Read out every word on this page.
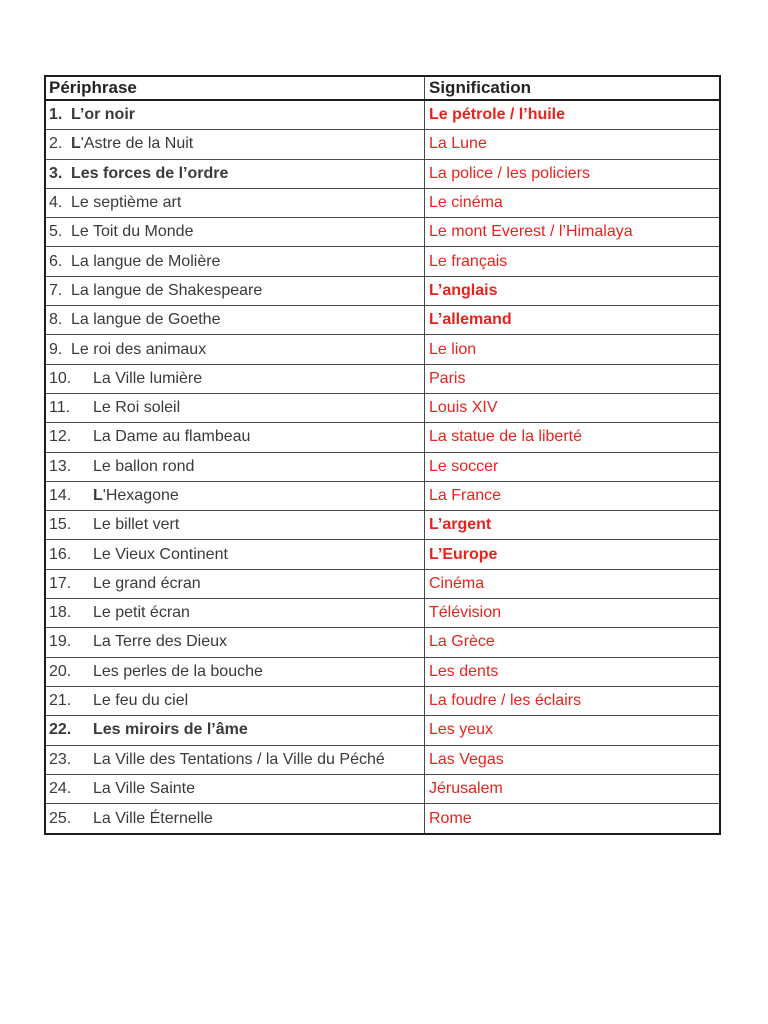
Périphrase	Signification
1. L’or noir	Le pétrole / l’huile
2. L 'Astre de la Nuit	La Lune
3. Les forces de l’ordre	La police / les policiers
4. Le septième art	Le cinéma
5. Le Toit du Monde	Le mont Everest / l’Himalaya
6. La langue de Molière	Le français
7. La langue de Shakespeare	L’anglais
8. La langue de Goethe	L’allemand
9. Le roi des animaux	Le lion
10.	La Ville lumière	Paris
11.	Le Roi soleil	Louis XIV
12.	La Dame au flambeau	La statue de la liberté
13.	Le ballon rond	Le soccer
14.	L 'Hexagone	La France
15.	Le billet vert	L’argent
16.	Le Vieux Continent	L’Europe
17.	Le grand écran	Cinéma
18.	Le petit écran	Télévision
19.	La Terre des Dieux	La Grèce
20.	Les perles de la bouche	Les dents
21.	Le feu du ciel	La foudre / les éclairs
22.	Les miroirs de l’âme	Les yeux
23.	La Ville des Tentations / la Ville du Péché	Las Vegas
24.	La Ville Sainte	Jérusalem
25.	La Ville Éternelle	Rome
